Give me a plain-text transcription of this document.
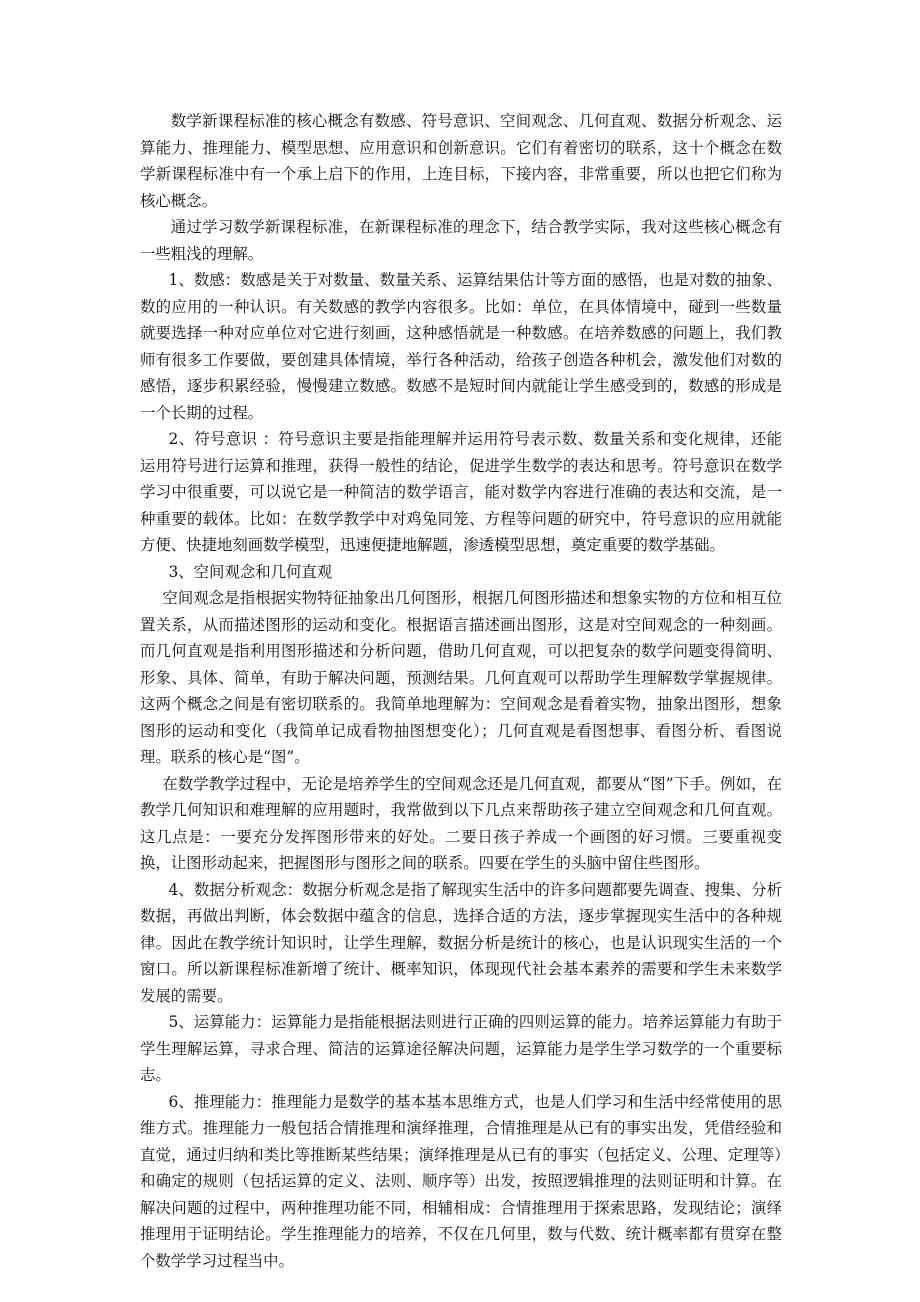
数学新课程标准的核心概念有数感、符号意识、空间观念、几何直观、数据分析观念、运算能力、推理能力、模型思想、应用意识和创新意识。它们有着密切的联系，这十个概念在数学新课程标准中有一个承上启下的作用，上连目标，下接内容，非常重要，所以也把它们称为核心概念。

通过学习数学新课程标准，在新课程标准的理念下，结合教学实际，我对这些核心概念有一些粗浅的理解。

1、数感：数感是关于对数量、数量关系、运算结果估计等方面的感悟，也是对数的抽象、数的应用的一种认识。有关数感的教学内容很多。比如：单位，在具体情境中，碰到一些数量就要选择一种对应单位对它进行刻画，这种感悟就是一种数感。在培养数感的问题上，我们教师有很多工作要做，要创建具体情境，举行各种活动，给孩子创造各种机会，激发他们对数的感悟，逐步积累经验，慢慢建立数感。数感不是短时间内就能让学生感受到的，数感的形成是一个长期的过程。

2、符号意识 ：符号意识主要是指能理解并运用符号表示数、数量关系和变化规律，还能运用符号进行运算和推理，获得一般性的结论，促进学生数学的表达和思考。符号意识在数学学习中很重要，可以说它是一种简洁的数学语言，能对数学内容进行准确的表达和交流，是一种重要的载体。比如：在数学教学中对鸡兔同笼、方程等问题的研究中，符号意识的应用就能方便、快捷地刻画数学模型，迅速便捷地解题，渗透模型思想，奠定重要的数学基础。

3、空间观念和几何直观

空间观念是指根据实物特征抽象出几何图形，根据几何图形描述和想象实物的方位和相互位置关系，从而描述图形的运动和变化。根据语言描述画出图形，这是对空间观念的一种刻画。而几何直观是指利用图形描述和分析问题，借助几何直观，可以把复杂的数学问题变得简明、形象、具体、简单，有助于解决问题，预测结果。几何直观可以帮助学生理解数学掌握规律。这两个概念之间是有密切联系的。我简单地理解为：空间观念是看着实物，抽象出图形，想象图形的运动和变化（我简单记成看物抽图想变化）；几何直观是看图想事、看图分析、看图说理。联系的核心是“图”。

在数学教学过程中，无论是培养学生的空间观念还是几何直观，都要从“图”下手。例如，在教学几何知识和难理解的应用题时，我常做到以下几点来帮助孩子建立空间观念和几何直观。这几点是：一要充分发挥图形带来的好处。二要日孩子养成一个画图的好习惯。三要重视变换，让图形动起来，把握图形与图形之间的联系。四要在学生的头脑中留住些图形。

4、数据分析观念：数据分析观念是指了解现实生活中的许多问题都要先调查、搜集、分析数据，再做出判断，体会数据中蕴含的信息，选择合适的方法，逐步掌握现实生活中的各种规律。因此在教学统计知识时，让学生理解，数据分析是统计的核心，也是认识现实生活的一个窗口。所以新课程标准新增了统计、概率知识，体现现代社会基本素养的需要和学生未来数学发展的需要。

5、运算能力：运算能力是指能根据法则进行正确的四则运算的能力。培养运算能力有助于学生理解运算，寻求合理、简洁的运算途径解决问题，运算能力是学生学习数学的一个重要标志。

6、推理能力：推理能力是数学的基本基本思维方式，也是人们学习和生活中经常使用的思维方式。推理能力一般包括合情推理和演绎推理，合情推理是从已有的事实出发，凭借经验和直觉，通过归纳和类比等推断某些结果；演绎推理是从已有的事实（包括定义、公理、定理等）和确定的规则（包括运算的定义、法则、顺序等）出发，按照逻辑推理的法则证明和计算。在解决问题的过程中，两种推理功能不同，相辅相成：合情推理用于探索思路，发现结论；演绎推理用于证明结论。学生推理能力的培养，不仅在几何里，数与代数、统计概率都有贯穿在整个数学学习过程当中。
